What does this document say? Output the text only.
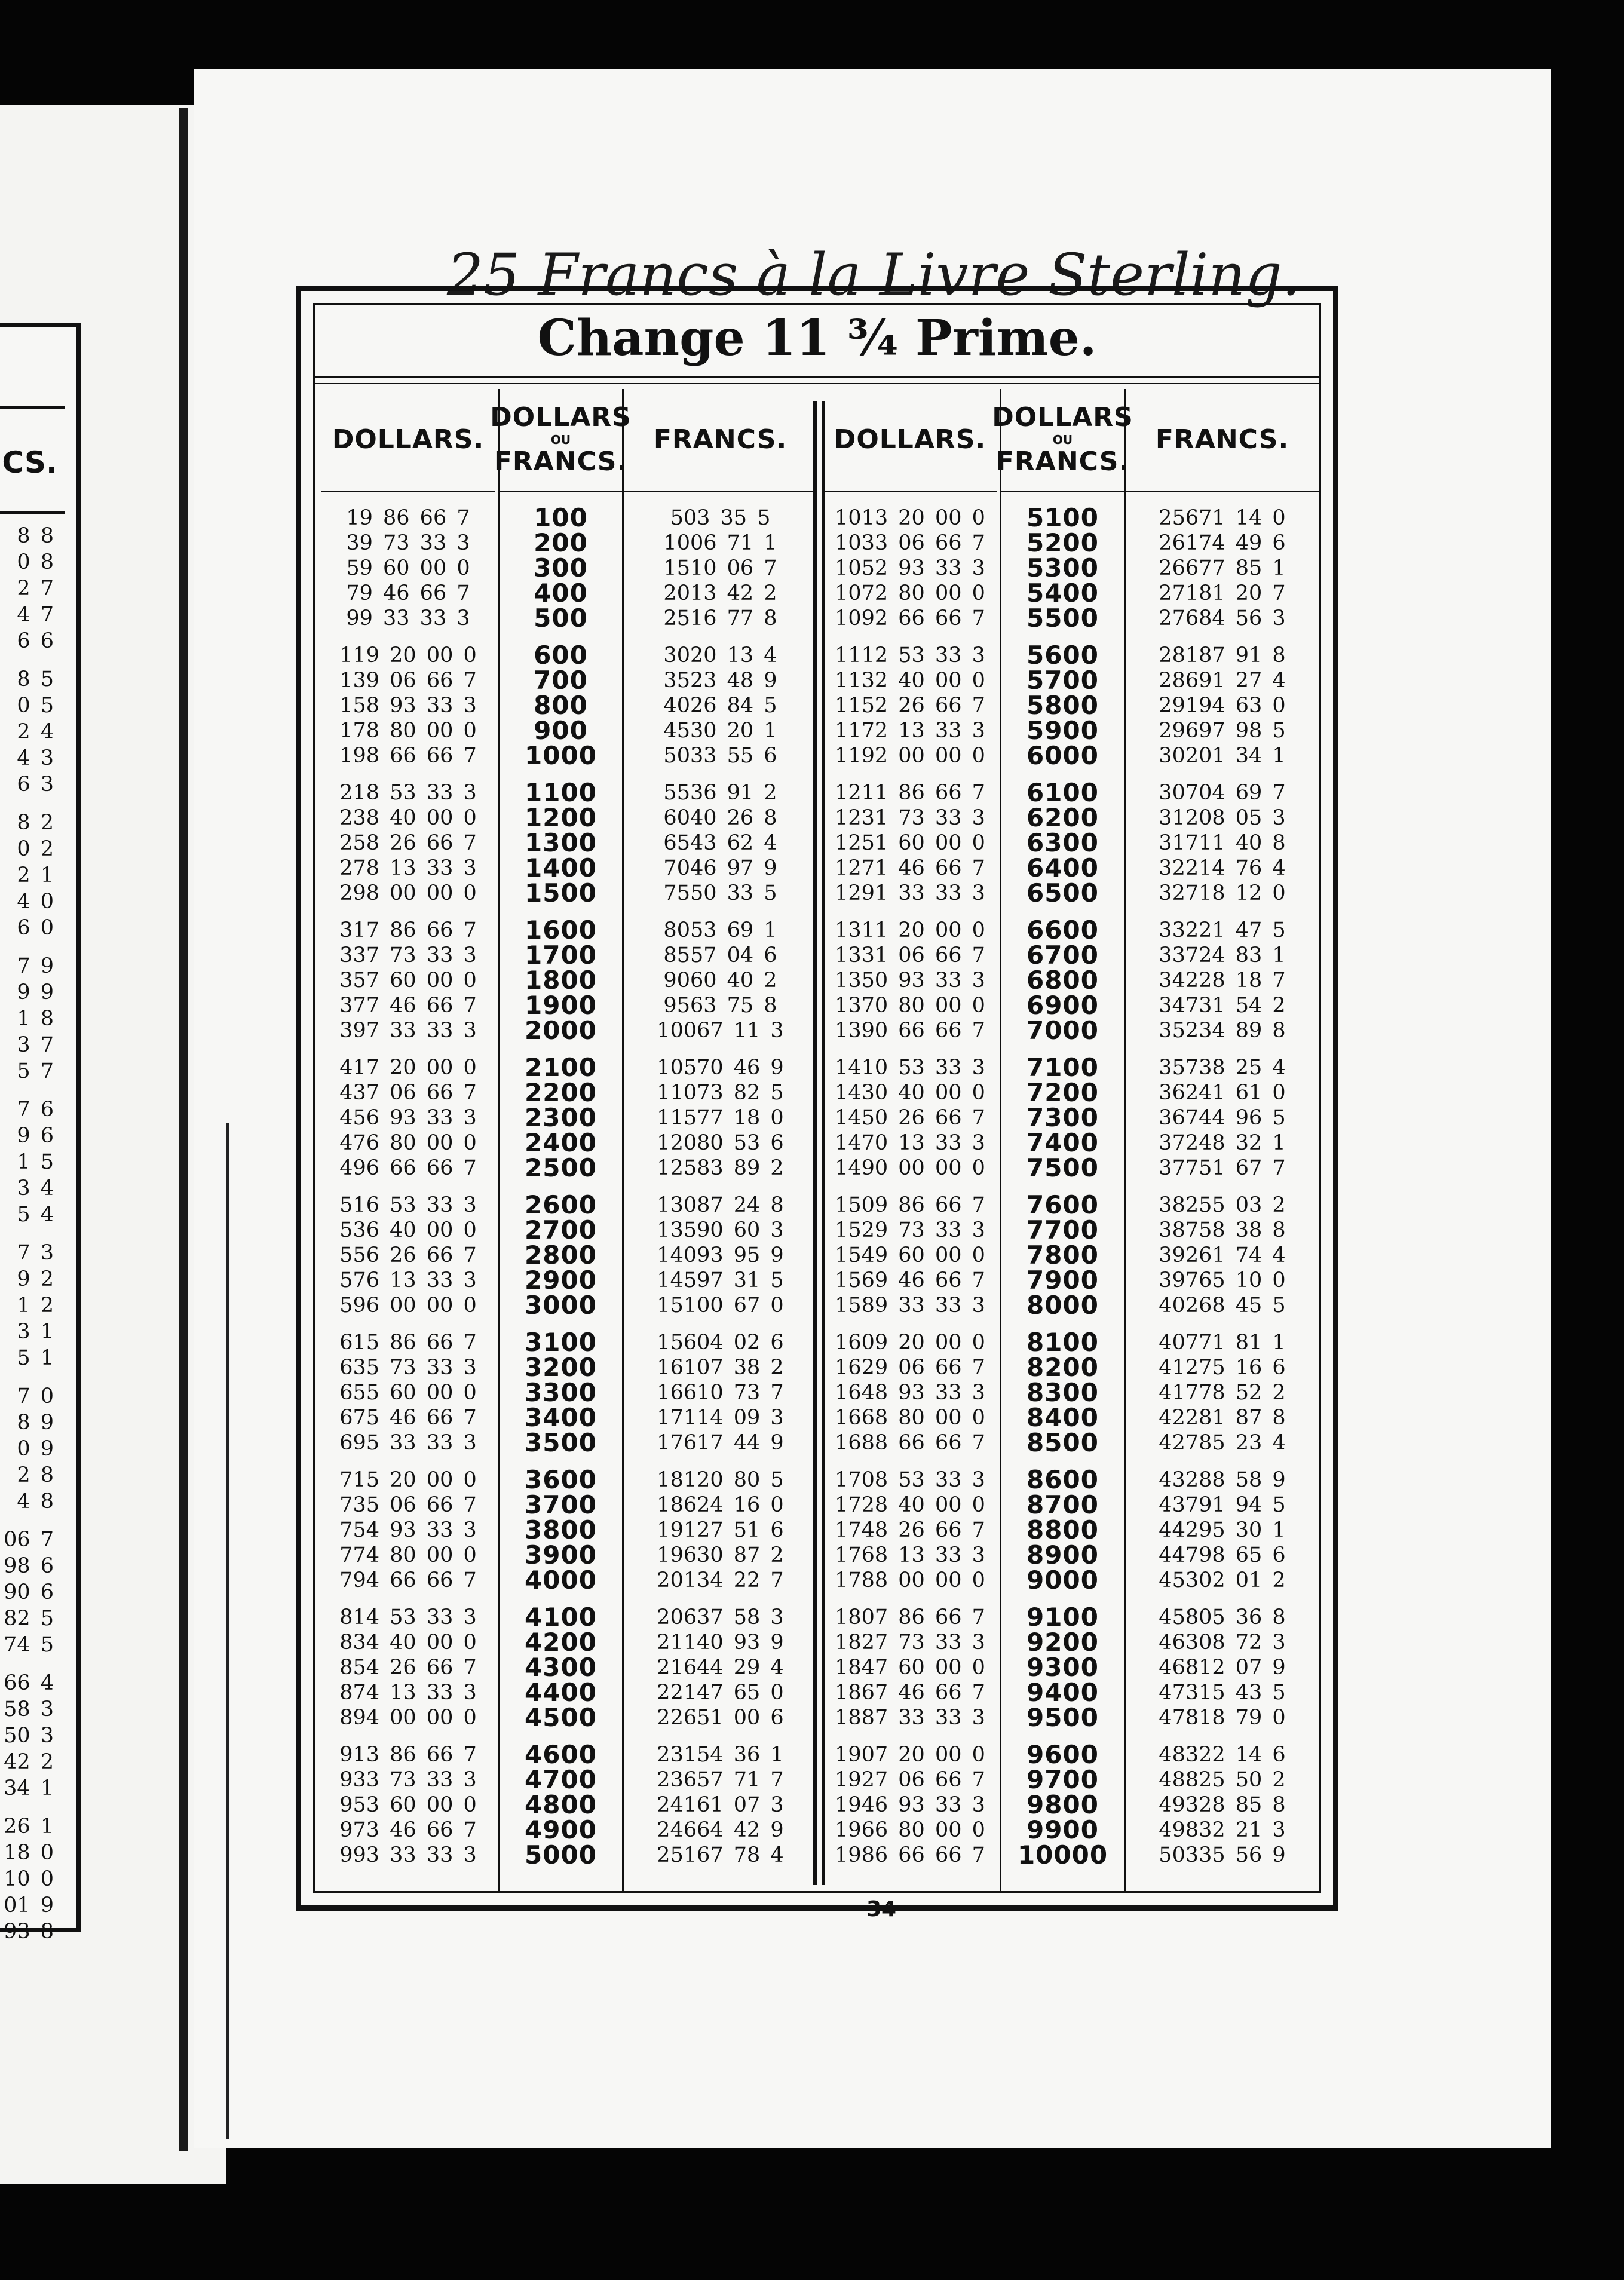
CS.
8 8
0 8
2 7
4 7
6 6
8 5
0 5
2 4
4 3
6 3
8 2
0 2
2 1
4 0
6 0
7 9
9 9
1 8
3 7
5 7
7 6
9 6
1 5
3 4
5 4
7 3
9 2
1 2
3 1
5 1
7 0
8 9
0 9
2 8
4 8
06 7
98 6
90 6
82 5
74 5
66 4
58 3
50 3
42 2
34 1
26 1
18 0
10 0
01 9
93 8
25 Francs à la Livre Sterling.
Change 11 ¾ Prime.
DOLLARS.
19 86 66 7
39 73 33 3
59 60 00 0
79 46 66 7
99 33 33 3
119 20 00 0
139 06 66 7
158 93 33 3
178 80 00 0
198 66 66 7
218 53 33 3
238 40 00 0
258 26 66 7
278 13 33 3
298 00 00 0
317 86 66 7
337 73 33 3
357 60 00 0
377 46 66 7
397 33 33 3
417 20 00 0
437 06 66 7
456 93 33 3
476 80 00 0
496 66 66 7
516 53 33 3
536 40 00 0
556 26 66 7
576 13 33 3
596 00 00 0
615 86 66 7
635 73 33 3
655 60 00 0
675 46 66 7
695 33 33 3
715 20 00 0
735 06 66 7
754 93 33 3
774 80 00 0
794 66 66 7
814 53 33 3
834 40 00 0
854 26 66 7
874 13 33 3
894 00 00 0
913 86 66 7
933 73 33 3
953 60 00 0
973 46 66 7
993 33 33 3
DOLLARS
OU
FRANCS.
100
200
300
400
500
600
700
800
900
1000
1100
1200
1300
1400
1500
1600
1700
1800
1900
2000
2100
2200
2300
2400
2500
2600
2700
2800
2900
3000
3100
3200
3300
3400
3500
3600
3700
3800
3900
4000
4100
4200
4300
4400
4500
4600
4700
4800
4900
5000
FRANCS.
503 35 5
1006 71 1
1510 06 7
2013 42 2
2516 77 8
3020 13 4
3523 48 9
4026 84 5
4530 20 1
5033 55 6
5536 91 2
6040 26 8
6543 62 4
7046 97 9
7550 33 5
8053 69 1
8557 04 6
9060 40 2
9563 75 8
10067 11 3
10570 46 9
11073 82 5
11577 18 0
12080 53 6
12583 89 2
13087 24 8
13590 60 3
14093 95 9
14597 31 5
15100 67 0
15604 02 6
16107 38 2
16610 73 7
17114 09 3
17617 44 9
18120 80 5
18624 16 0
19127 51 6
19630 87 2
20134 22 7
20637 58 3
21140 93 9
21644 29 4
22147 65 0
22651 00 6
23154 36 1
23657 71 7
24161 07 3
24664 42 9
25167 78 4
DOLLARS.
1013 20 00 0
1033 06 66 7
1052 93 33 3
1072 80 00 0
1092 66 66 7
1112 53 33 3
1132 40 00 0
1152 26 66 7
1172 13 33 3
1192 00 00 0
1211 86 66 7
1231 73 33 3
1251 60 00 0
1271 46 66 7
1291 33 33 3
1311 20 00 0
1331 06 66 7
1350 93 33 3
1370 80 00 0
1390 66 66 7
1410 53 33 3
1430 40 00 0
1450 26 66 7
1470 13 33 3
1490 00 00 0
1509 86 66 7
1529 73 33 3
1549 60 00 0
1569 46 66 7
1589 33 33 3
1609 20 00 0
1629 06 66 7
1648 93 33 3
1668 80 00 0
1688 66 66 7
1708 53 33 3
1728 40 00 0
1748 26 66 7
1768 13 33 3
1788 00 00 0
1807 86 66 7
1827 73 33 3
1847 60 00 0
1867 46 66 7
1887 33 33 3
1907 20 00 0
1927 06 66 7
1946 93 33 3
1966 80 00 0
1986 66 66 7
DOLLARS
OU
FRANCS.
5100
5200
5300
5400
5500
5600
5700
5800
5900
6000
6100
6200
6300
6400
6500
6600
6700
6800
6900
7000
7100
7200
7300
7400
7500
7600
7700
7800
7900
8000
8100
8200
8300
8400
8500
8600
8700
8800
8900
9000
9100
9200
9300
9400
9500
9600
9700
9800
9900
10000
FRANCS.
25671 14 0
26174 49 6
26677 85 1
27181 20 7
27684 56 3
28187 91 8
28691 27 4
29194 63 0
29697 98 5
30201 34 1
30704 69 7
31208 05 3
31711 40 8
32214 76 4
32718 12 0
33221 47 5
33724 83 1
34228 18 7
34731 54 2
35234 89 8
35738 25 4
36241 61 0
36744 96 5
37248 32 1
37751 67 7
38255 03 2
38758 38 8
39261 74 4
39765 10 0
40268 45 5
40771 81 1
41275 16 6
41778 52 2
42281 87 8
42785 23 4
43288 58 9
43791 94 5
44295 30 1
44798 65 6
45302 01 2
45805 36 8
46308 72 3
46812 07 9
47315 43 5
47818 79 0
48322 14 6
48825 50 2
49328 85 8
49832 21 3
50335 56 9
34
